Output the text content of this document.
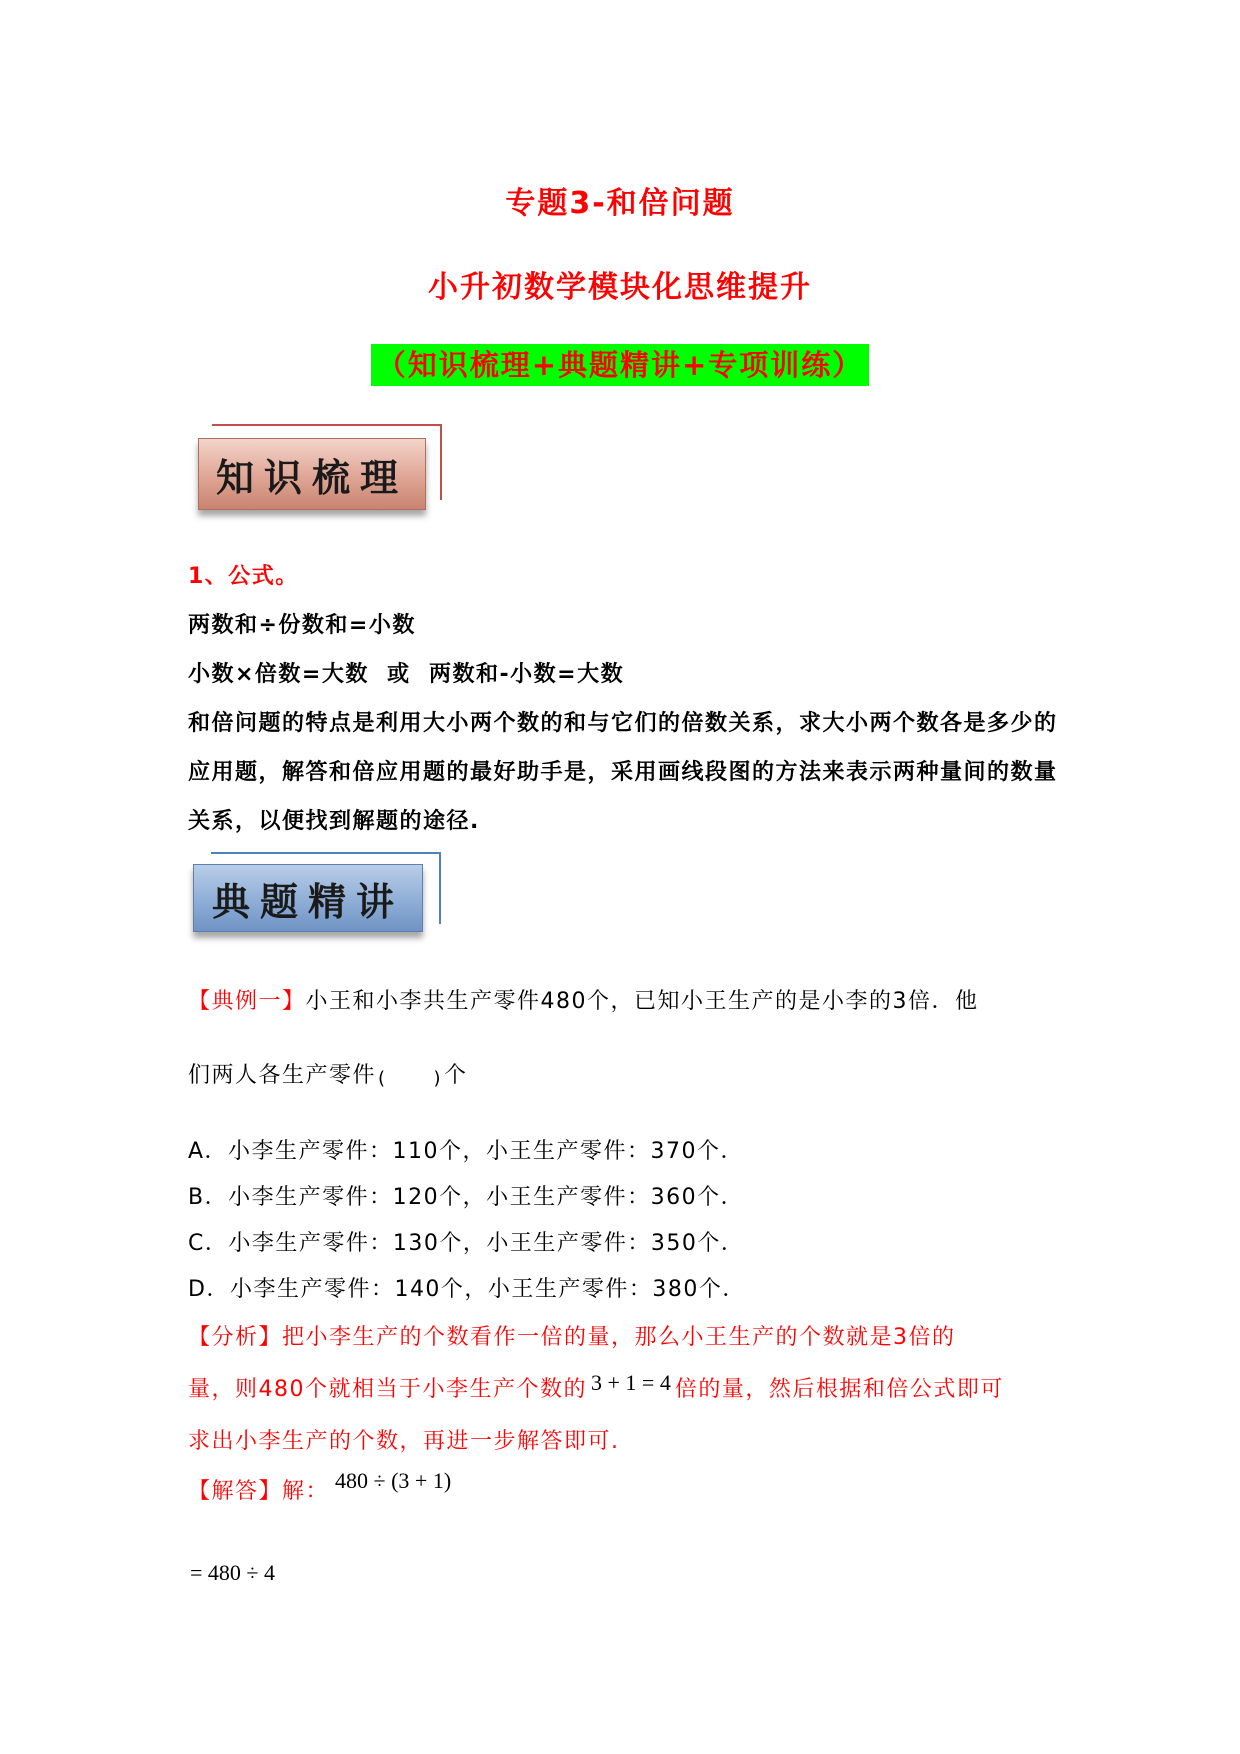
专题3-和倍问题
小升初数学模块化思维提升
（知识梳理+典题精讲+专项训练）
知识梳理
1、公式。
两数和÷份数和=小数
小数×倍数=大数  或  两数和-小数=大数
和倍问题的特点是利用大小两个数的和与它们的倍数关系，求大小两个数各是多少的应用题，解答和倍应用题的最好助手是，采用画线段图的方法来表示两种量间的数量关系，以便找到解题的途径.
典题精讲
【典例一】小王和小李共生产零件480个，已知小王生产的是小李的3倍．他
们两人各生产零件 (	) 个
A．小李生产零件：110个，小王生产零件：370个．
B．小李生产零件：120个，小王生产零件：360个．
C．小李生产零件：130个，小王生产零件：350个．
D．小李生产零件：140个，小王生产零件：380个．
【分析】把小李生产的个数看作一倍的量，那么小王生产的个数就是3倍的
量，则480个就相当于小李生产个数的 3 + 1 = 4 倍的量，然后根据和倍公式即可
求出小李生产的个数，再进一步解答即可.
【解答】解： 480 ÷ (3 + 1)
= 480 ÷ 4
